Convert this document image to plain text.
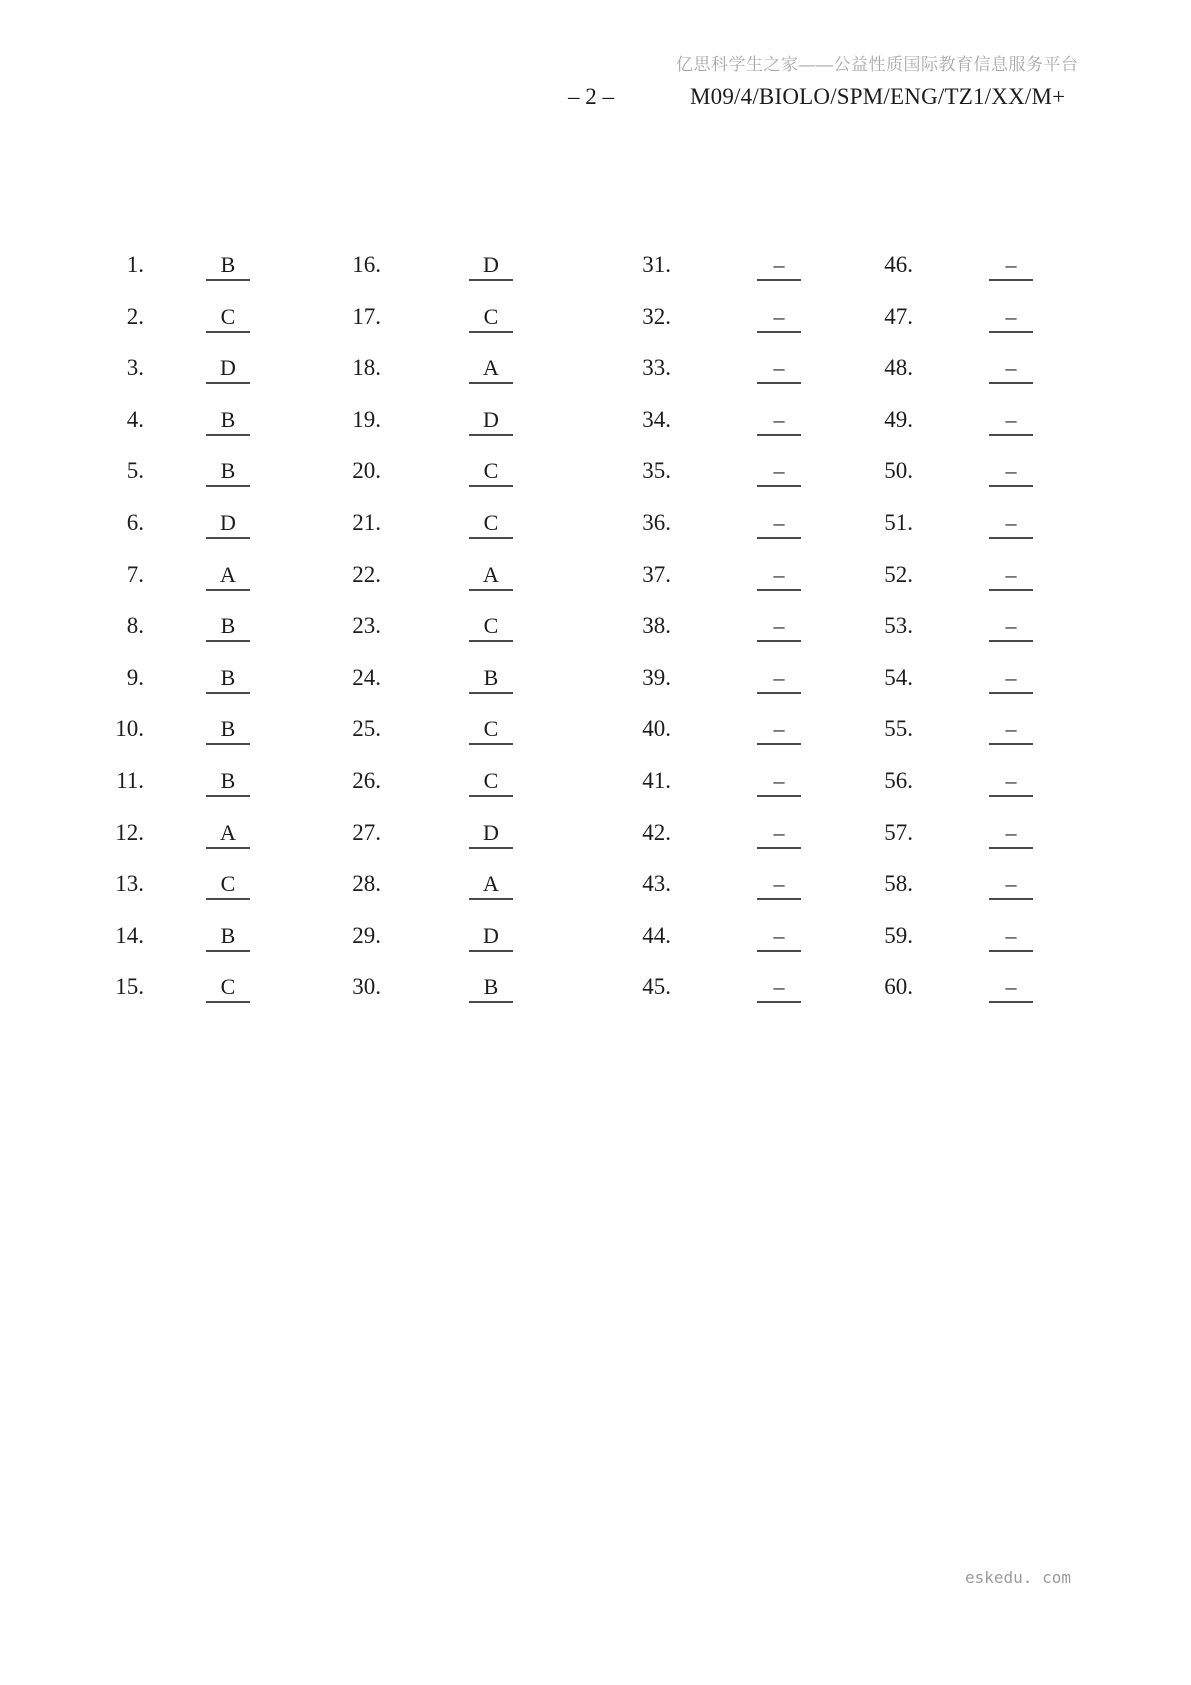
亿思科学生之家——公益性质国际教育信息服务平台
– 2 –	M09/4/BIOLO/SPM/ENG/TZ1/XX/M+
1.	B
2.	C
3.	D
4.	B
5.	B
6.	D
7.	A
8.	B
9.	B
10.	B
11.	B
12.	A
13.	C
14.	B
15.	C
16.	D
17.	C
18.	A
19.	D
20.	C
21.	C
22.	A
23.	C
24.	B
25.	C
26.	C
27.	D
28.	A
29.	D
30.	B
31.	–
32.	–
33.	–
34.	–
35.	–
36.	–
37.	–
38.	–
39.	–
40.	–
41.	–
42.	–
43.	–
44.	–
45.	–
46.	–
47.	–
48.	–
49.	–
50.	–
51.	–
52.	–
53.	–
54.	–
55.	–
56.	–
57.	–
58.	–
59.	–
60.	–
eskedu. com
